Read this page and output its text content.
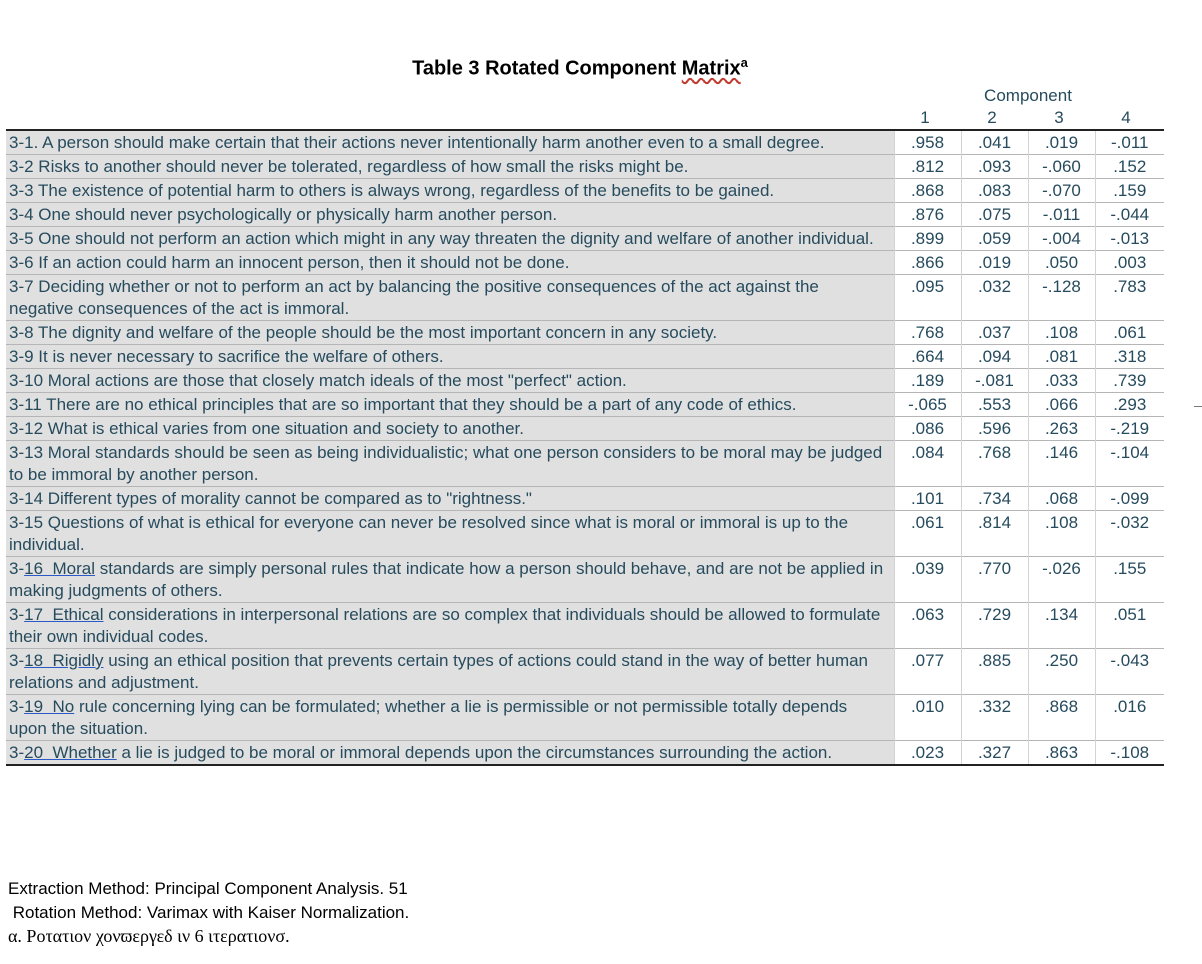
Table 3 Rotated Component Matrix$^a$
Component
1	2	3	4
3-1. A person should make certain that their actions never intentionally harm another even to a small degree.	.958	.041	.019	-.011
3-2 Risks to another should never be tolerated, regardless of how small the risks might be.	.812	.093	-.060	.152
3-3 The existence of potential harm to others is always wrong, regardless of the benefits to be gained.	.868	.083	-.070	.159
3-4 One should never psychologically or physically harm another person.	.876	.075	-.011	-.044
3-5 One should not perform an action which might in any way threaten the dignity and welfare of another individual.	.899	.059	-.004	-.013
3-6 If an action could harm an innocent person, then it should not be done.	.866	.019	.050	.003
3-7 Deciding whether or not to perform an act by balancing the positive consequences of the act against the negative consequences of the act is immoral.	.095	.032	-.128	.783
3-8 The dignity and welfare of the people should be the most important concern in any society.	.768	.037	.108	.061
3-9 It is never necessary to sacrifice the welfare of others.	.664	.094	.081	.318
3-10 Moral actions are those that closely match ideals of the most "perfect" action.	.189	-.081	.033	.739
3-11 There are no ethical principles that are so important that they should be a part of any code of ethics.	-.065	.553	.066	.293
3-12 What is ethical varies from one situation and society to another.	.086	.596	.263	-.219
3-13 Moral standards should be seen as being individualistic; what one person considers to be moral may be judged to be immoral by another person.	.084	.768	.146	-.104
3-14 Different types of morality cannot be compared as to "rightness."	.101	.734	.068	-.099
3-15 Questions of what is ethical for everyone can never be resolved since what is moral or immoral is up to the individual.	.061	.814	.108	-.032
3-16  Moral standards are simply personal rules that indicate how a person should behave, and are not be applied in making judgments of others.	.039	.770	-.026	.155
3-17  Ethical considerations in interpersonal relations are so complex that individuals should be allowed to formulate their own individual codes.	.063	.729	.134	.051
3-18  Rigidly using an ethical position that prevents certain types of actions could stand in the way of better human relations and adjustment.	.077	.885	.250	-.043
3-19  No rule concerning lying can be formulated; whether a lie is permissible or not permissible totally depends upon the situation.	.010	.332	.868	.016
3-20  Whether a lie is judged to be moral or immoral depends upon the circumstances surrounding the action.	.023	.327	.863	-.108
Extraction Method: Principal Component Analysis. 51
Rotation Method: Varimax with Kaiser Normalization.
α. Ροτατιον χονϖεργεδ ιν 6 ιτερατιονσ.
